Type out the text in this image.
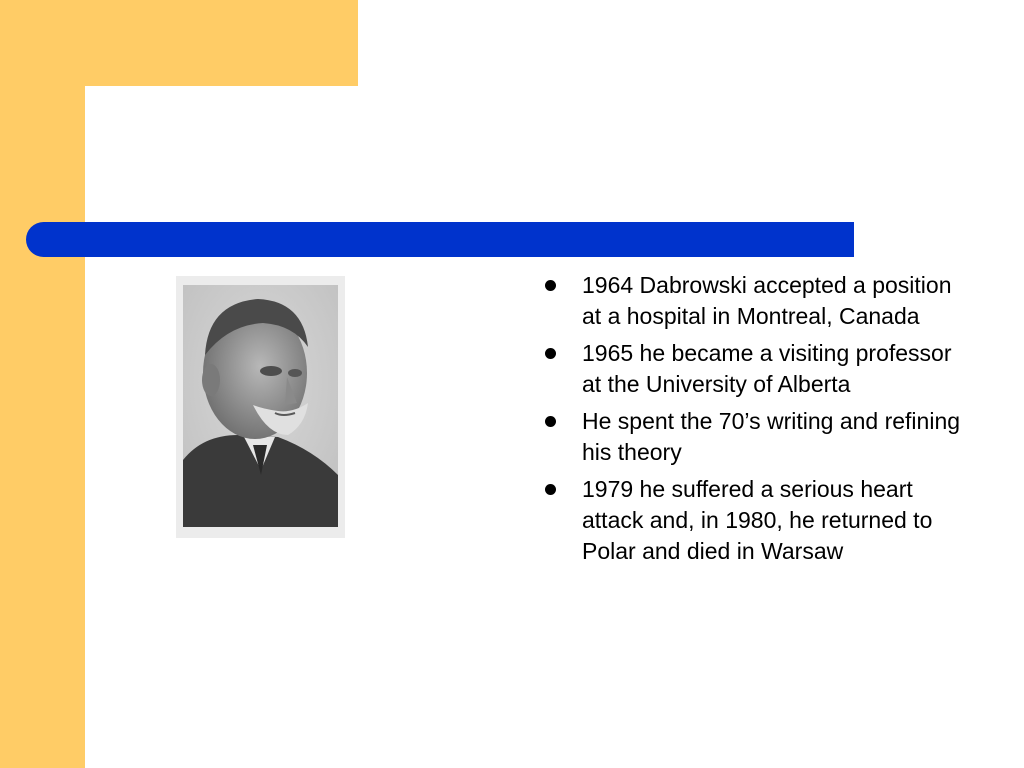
1964 Dabrowski accepted a position at a hospital in Montreal, Canada
1965 he became a visiting professor at the University of Alberta
He spent the 70’s writing and refining his theory
1979 he suffered a serious heart attack and, in 1980, he returned to Polar and died in Warsaw
